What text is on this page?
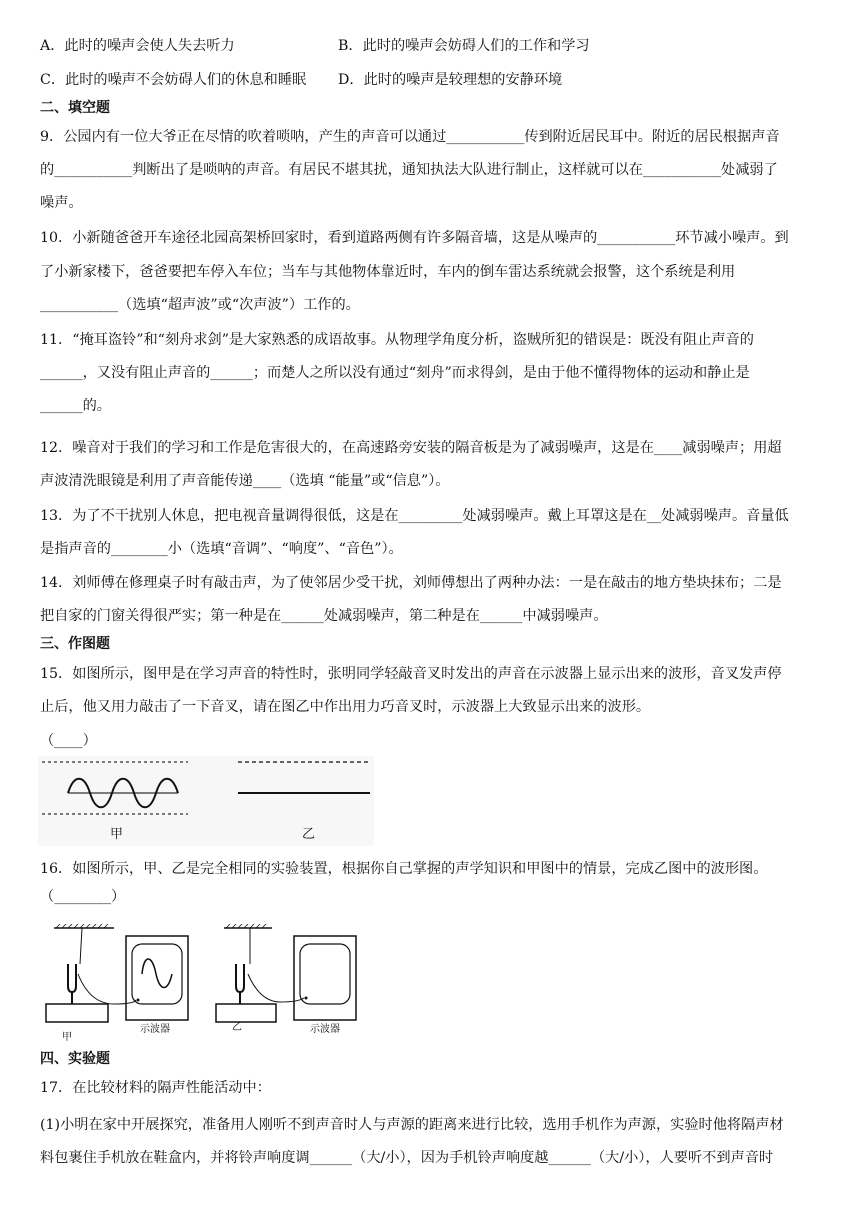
A．此时的噪声会使人失去听力	B．此时的噪声会妨碍人们的工作和学习
C．此时的噪声不会妨碍人们的休息和睡眠 D．此时的噪声是较理想的安静环境
二、填空题
9．公园内有一位大爷正在尽情的吹着唢呐，产生的声音可以通过___________传到附近居民耳中。附近的居民根据声音
的___________判断出了是唢呐的声音。有居民不堪其扰，通知执法大队进行制止，这样就可以在___________处减弱了
噪声。
10．小新随爸爸开车途径北园高架桥回家时，看到道路两侧有许多隔音墙，这是从噪声的___________环节减小噪声。到
了小新家楼下，爸爸要把车停入车位；当车与其他物体靠近时，车内的倒车雷达系统就会报警，这个系统是利用
___________（选填“超声波”或“次声波”）工作的。
11．“掩耳盗铃”和“刻舟求剑”是大家熟悉的成语故事。从物理学角度分析，盗贼所犯的错误是：既没有阻止声音的
______，又没有阻止声音的______；而楚人之所以没有通过“刻舟”而求得剑，是由于他不懂得物体的运动和静止是
______的。
12．噪音对于我们的学习和工作是危害很大的，在高速路旁安装的隔音板是为了减弱噪声，这是在____减弱噪声；用超
声波清洗眼镜是利用了声音能传递____（选填 “能量”或“信息”）。
13．为了不干扰别人休息，把电视音量调得很低，这是在_________处减弱噪声。戴上耳罩这是在__处减弱噪声。音量低
是指声音的________小（选填“音调”、“响度”、“音色”）。
14．刘师傅在修理桌子时有敲击声，为了使邻居少受干扰，刘师傅想出了两种办法：一是在敲击的地方垫块抹布；二是
把自家的门窗关得很严实；第一种是在______处减弱噪声，第二种是在______中减弱噪声。
三、作图题
15．如图所示，图甲是在学习声音的特性时，张明同学轻敲音叉时发出的声音在示波器上显示出来的波形，音叉发声停
止后，他又用力敲击了一下音叉，请在图乙中作出用力巧音叉时，示波器上大致显示出来的波形。
（____）
甲	乙
16．如图所示，甲、乙是完全相同的实验装置，根据你自己掌握的声学知识和甲图中的情景，完成乙图中的波形图。
（________）
示波器	示波器
甲
乙
四、实验题
17．在比较材料的隔声性能活动中：
(1)小明在家中开展探究，准备用人刚听不到声音时人与声源的距离来进行比较，选用手机作为声源，实验时他将隔声材
料包裹住手机放在鞋盒内，并将铃声响度调______（大/小），因为手机铃声响度越______（大/小），人要听不到声音时
